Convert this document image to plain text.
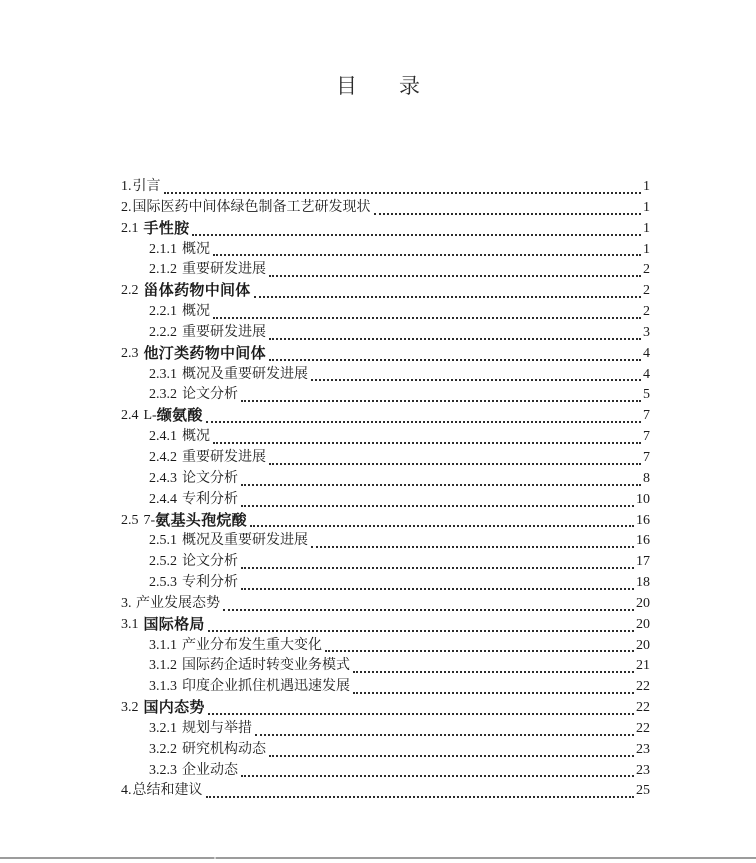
目　　录
1. 引言	1
2. 国际医药中间体绿色制备工艺研发现状	1
2.1 手性胺	1
2.1.1 概况	1
2.1.2 重要研发进展	2
2.2 甾体药物中间体	2
2.2.1 概况	2
2.2.2 重要研发进展	3
2.3 他汀类药物中间体	4
2.3.1 概况及重要研发进展	4
2.3.2 论文分析	5
2.4 L- 缬氨酸	7
2.4.1 概况	7
2.4.2 重要研发进展	7
2.4.3 论文分析	8
2.4.4 专利分析	10
2.5 7- 氨基头孢烷酸	16
2.5.1 概况及重要研发进展	16
2.5.2 论文分析	17
2.5.3 专利分析	18
3. 产业发展态势	20
3.1 国际格局	20
3.1.1 产业分布发生重大变化	20
3.1.2 国际药企适时转变业务模式	21
3.1.3 印度企业抓住机遇迅速发展	22
3.2 国内态势	22
3.2.1 规划与举措	22
3.2.2 研究机构动态	23
3.2.3 企业动态	23
4. 总结和建议	25
